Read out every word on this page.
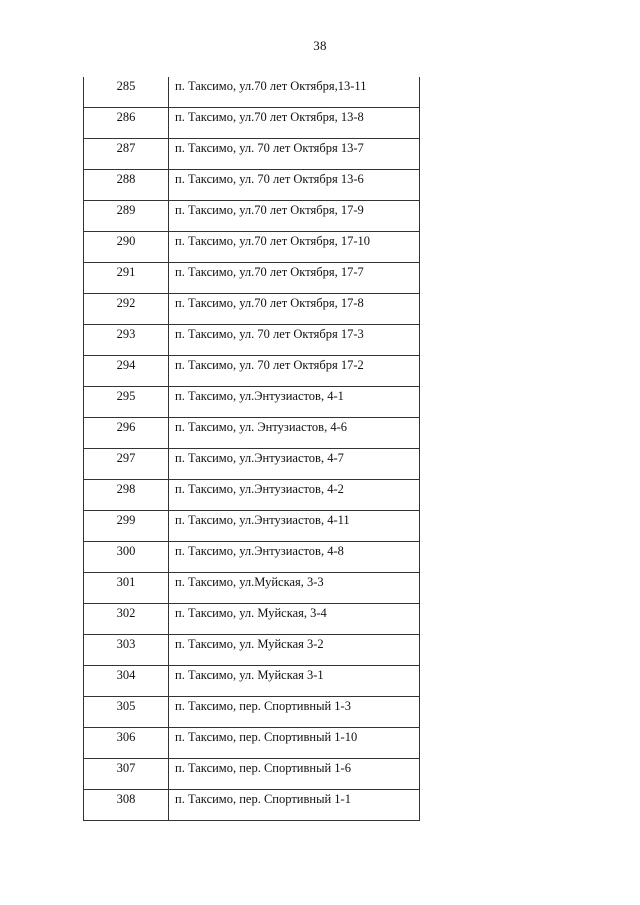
38
285	п. Таксимо, ул.70 лет Октября,13-11

286	п. Таксимо, ул.70 лет Октября, 13-8

287	п. Таксимо, ул. 70 лет Октября 13-7

288	п. Таксимо, ул. 70 лет Октября 13-6

289	п. Таксимо, ул.70 лет Октября, 17-9

290	п. Таксимо, ул.70 лет Октября, 17-10

291	п. Таксимо, ул.70 лет Октября, 17-7

292	п. Таксимо, ул.70 лет Октября, 17-8

293	п. Таксимо, ул. 70 лет Октября 17-3

294	п. Таксимо, ул. 70 лет Октября 17-2

295	п. Таксимо, ул.Энтузиастов, 4-1

296	п. Таксимо, ул. Энтузиастов, 4-6

297	п. Таксимо, ул.Энтузиастов, 4-7

298	п. Таксимо, ул.Энтузиастов, 4-2

299	п. Таксимо, ул.Энтузиастов, 4-11

300	п. Таксимо, ул.Энтузиастов, 4-8

301	п. Таксимо, ул.Муйская, 3-3

302	п. Таксимо, ул. Муйская, 3-4

303	п. Таксимо, ул. Муйская 3-2

304	п. Таксимо, ул. Муйская 3-1

305	п. Таксимо, пер. Спортивный 1-3

306	п. Таксимо, пер. Спортивный 1-10

307	п. Таксимо, пер. Спортивный 1-6

308	п. Таксимо, пер. Спортивный 1-1
